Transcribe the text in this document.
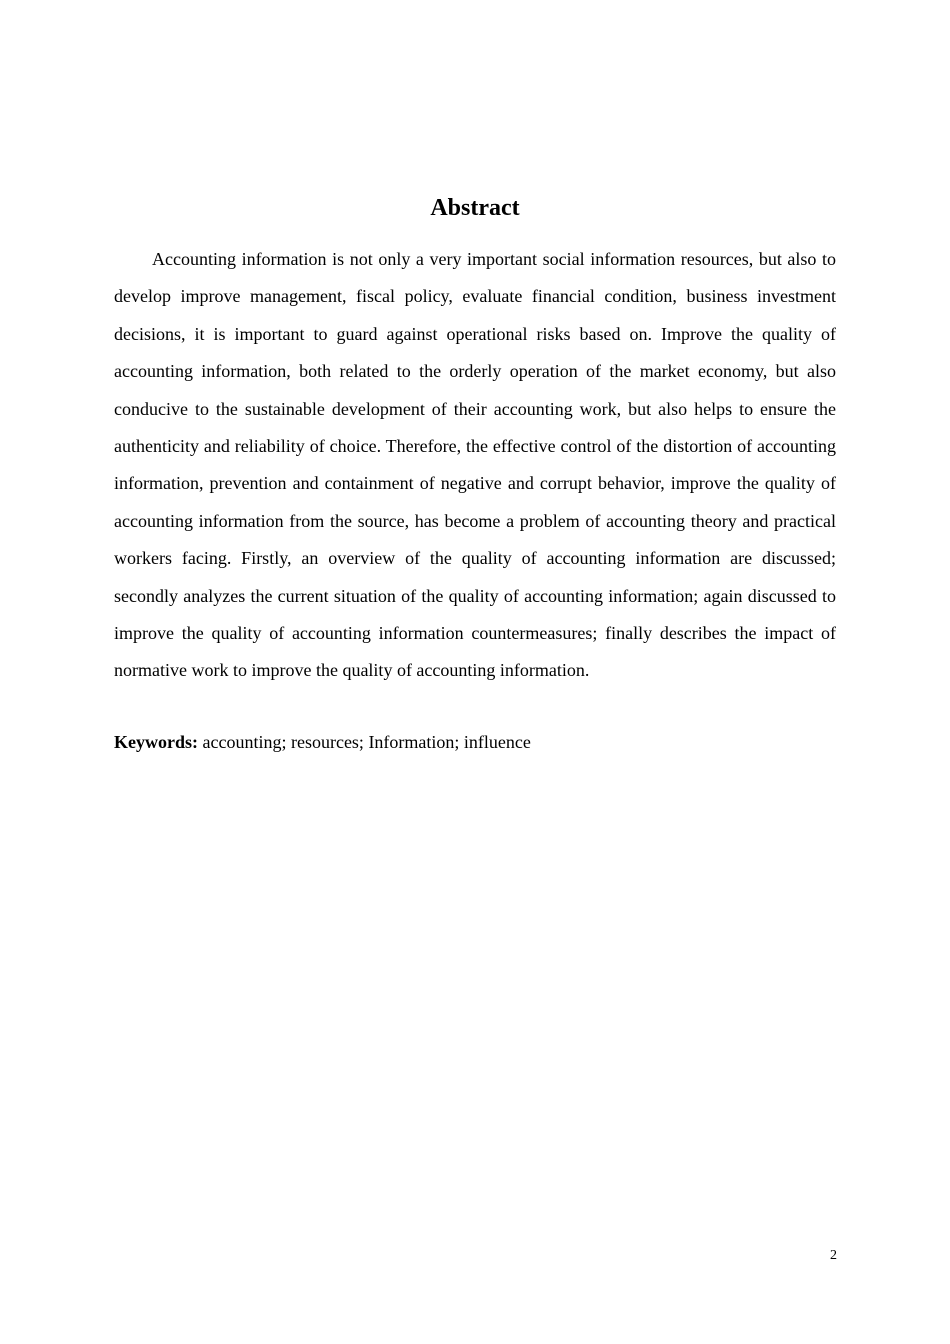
Abstract

Accounting information is not only a very important social information resources, but also to develop improve management, fiscal policy, evaluate financial condition, business investment decisions, it is important to guard against operational risks based on. Improve the quality of accounting information, both related to the orderly operation of the market economy, but also conducive to the sustainable development of their accounting work, but also helps to ensure the authenticity and reliability of choice. Therefore, the effective control of the distortion of accounting information, prevention and containment of negative and corrupt behavior, improve the quality of accounting information from the source, has become a problem of accounting theory and practical workers facing. Firstly, an overview of the quality of accounting information are discussed; secondly analyzes the current situation of the quality of accounting information; again discussed to improve the quality of accounting information countermeasures; finally describes the impact of normative work to improve the quality of accounting information.

Keywords: accounting; resources; Information; influence

2
